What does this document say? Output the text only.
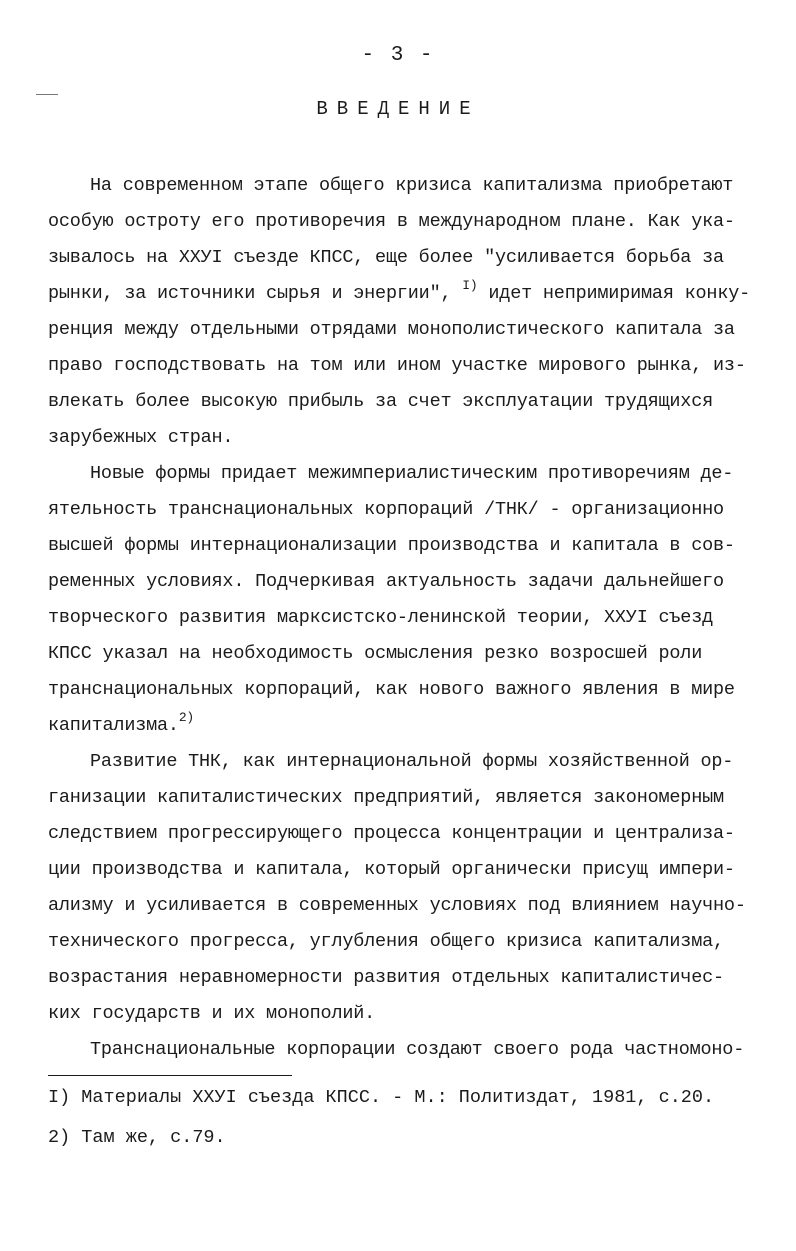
- 3 -
ВВЕДЕНИЕ
На современном этапе общего кризиса капитализма приобретают
особую остроту его противоречия в международном плане. Как ука-
зывалось на XXУI съезде КПСС, еще более "усиливается борьба за
рынки, за источники сырья и энергии", $^{I)}$ идет непримиримая конку-
ренция между отдельными отрядами монополистического капитала за
право господствовать на том или ином участке мирового рынка, из-
влекать более высокую прибыль за счет эксплуатации трудящихся
зарубежных стран.
Новые формы придает межимпериалистическим противоречиям де-
ятельность транснациональных корпораций /ТНК/ - организационно
высшей формы интернационализации производства и капитала в сов-
ременных условиях. Подчеркивая актуальность задачи дальнейшего
творческого развития марксистско-ленинской теории, XXУI съезд
КПСС указал на необходимость осмысления резко возросшей роли
транснациональных корпораций, как нового важного явления в мире
капитализма.$^{2)}$
Развитие ТНК, как интернациональной формы хозяйственной ор-
ганизации капиталистических предприятий, является закономерным
следствием прогрессирующего процесса концентрации и централиза-
ции производства и капитала, который органически присущ импери-
ализму и усиливается в современных условиях под влиянием научно-
технического прогресса, углубления общего кризиса капитализма,
возрастания неравномерности развития отдельных капиталистичес-
ких государств и их монополий.
Транснациональные корпорации создают своего рода частномоно-
I) Материалы XXУI съезда КПСС. - М.: Политиздат, 1981, с.20.
2) Там же, с.79.
